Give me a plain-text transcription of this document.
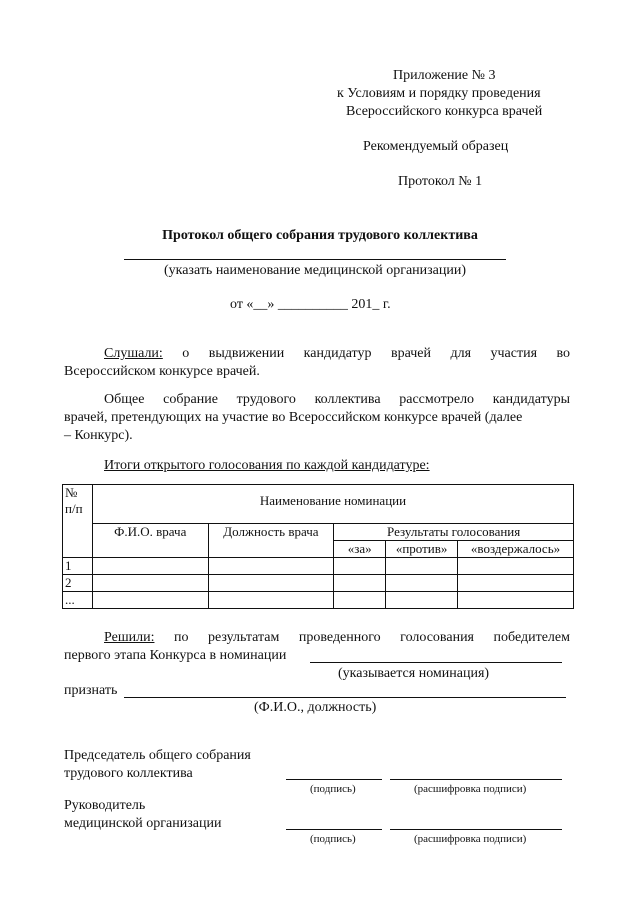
Приложение № 3
к Условиям и порядку проведения
Всероссийского конкурса врачей
Рекомендуемый образец
Протокол № 1
Протокол общего собрания трудового коллектива
(указать наименование медицинской организации)
от «__» __________ 201_ г.
Слушали: о выдвижении кандидатур врачей для участия во
Всероссийском конкурсе врачей.
Общее собрание трудового коллектива рассмотрело кандидатуры
врачей, претендующих на участие во Всероссийском конкурсе врачей (далее
– Конкурс).
Итоги открытого голосования по каждой кандидатуре:
№
п/п	Наименование номинации				
	Ф.И.О. врача	Должность врача	Результаты голосования		
			«за»	«против»	«воздержалось»
1					
2					
...					
Решили: по результатам проведенного голосования победителем
первого этапа Конкурса в номинации
(указывается номинация)
признать
(Ф.И.О., должность)
Председатель общего собрания
трудового коллектива
(подпись)	(расшифровка подписи)
Руководитель
медицинской организации
(подпись)	(расшифровка подписи)
